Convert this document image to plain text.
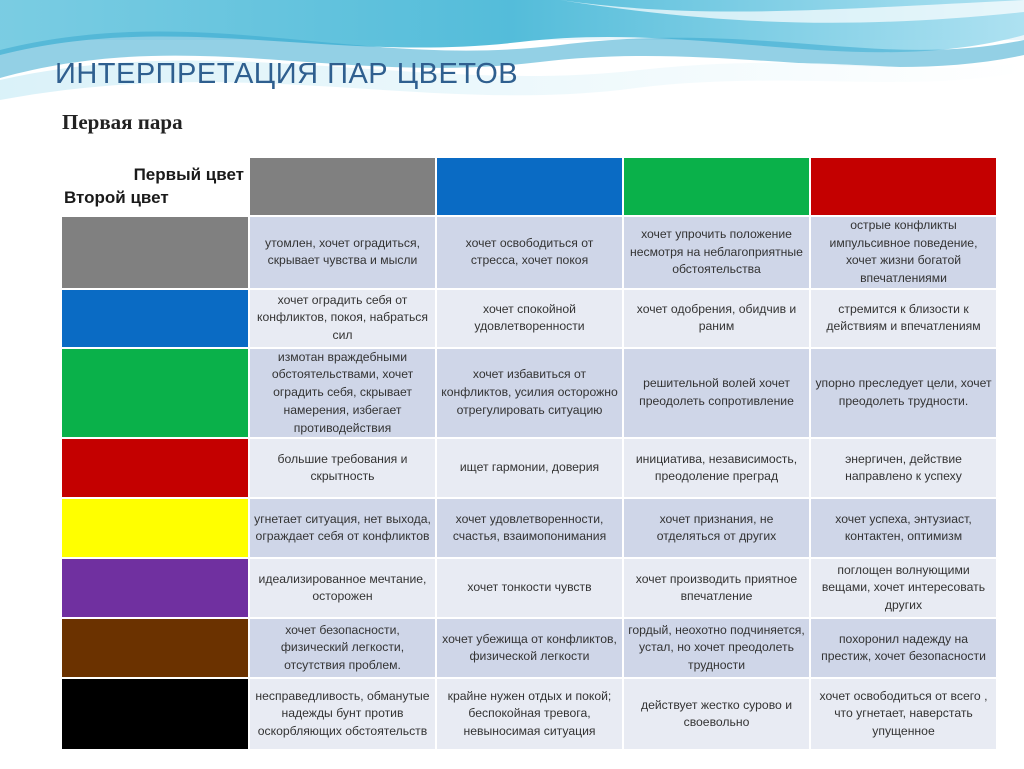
ИНТЕРПРЕТАЦИЯ ПАР ЦВЕТОВ
Первая пара
Первый цвет
Второй цвет				

	утомлен, хочет оградиться, скрывает чувства и мысли	хочет освободиться от стресса, хочет покоя	хочет упрочить положение несмотря на неблагоприятные обстоятельства	острые конфликты импульсивное поведение, хочет жизни богатой впечатлениями
	хочет оградить себя от конфликтов, покоя, набраться сил	хочет спокойной удовлетворенности	хочет одобрения, обидчив и раним	стремится к близости к действиям и впечатлениям
	измотан враждебными обстоятельствами, хочет оградить себя, скрывает намерения, избегает противодействия	хочет избавиться от конфликтов, усилия осторожно отрегулировать ситуацию	решительной волей хочет преодолеть сопротивление	упорно преследует цели, хочет преодолеть трудности.
	большие требования и скрытность	ищет гармонии, доверия	инициатива, независимость, преодоление преград	энергичен, действие направлено к успеху
	угнетает ситуация, нет выхода, ограждает себя от конфликтов	хочет удовлетворенности, счастья, взаимопонимания	хочет признания, не отделяться от других	хочет успеха, энтузиаст, контактен, оптимизм
	идеализированное мечтание, осторожен	хочет тонкости чувств	хочет производить приятное впечатление	поглощен волнующими вещами, хочет интересовать других
	хочет безопасности, физический легкости, отсутствия проблем.	хочет убежища от конфликтов, физической легкости	гордый, неохотно подчиняется, устал, но хочет преодолеть трудности	похоронил надежду на престиж, хочет безопасности
	несправедливость, обманутые надежды бунт против оскорбляющих обстоятельств	крайне нужен отдых и покой; беспокойная тревога, невыносимая ситуация	действует жестко сурово и своевольно	хочет освободиться от всего , что угнетает, наверстать упущенное
